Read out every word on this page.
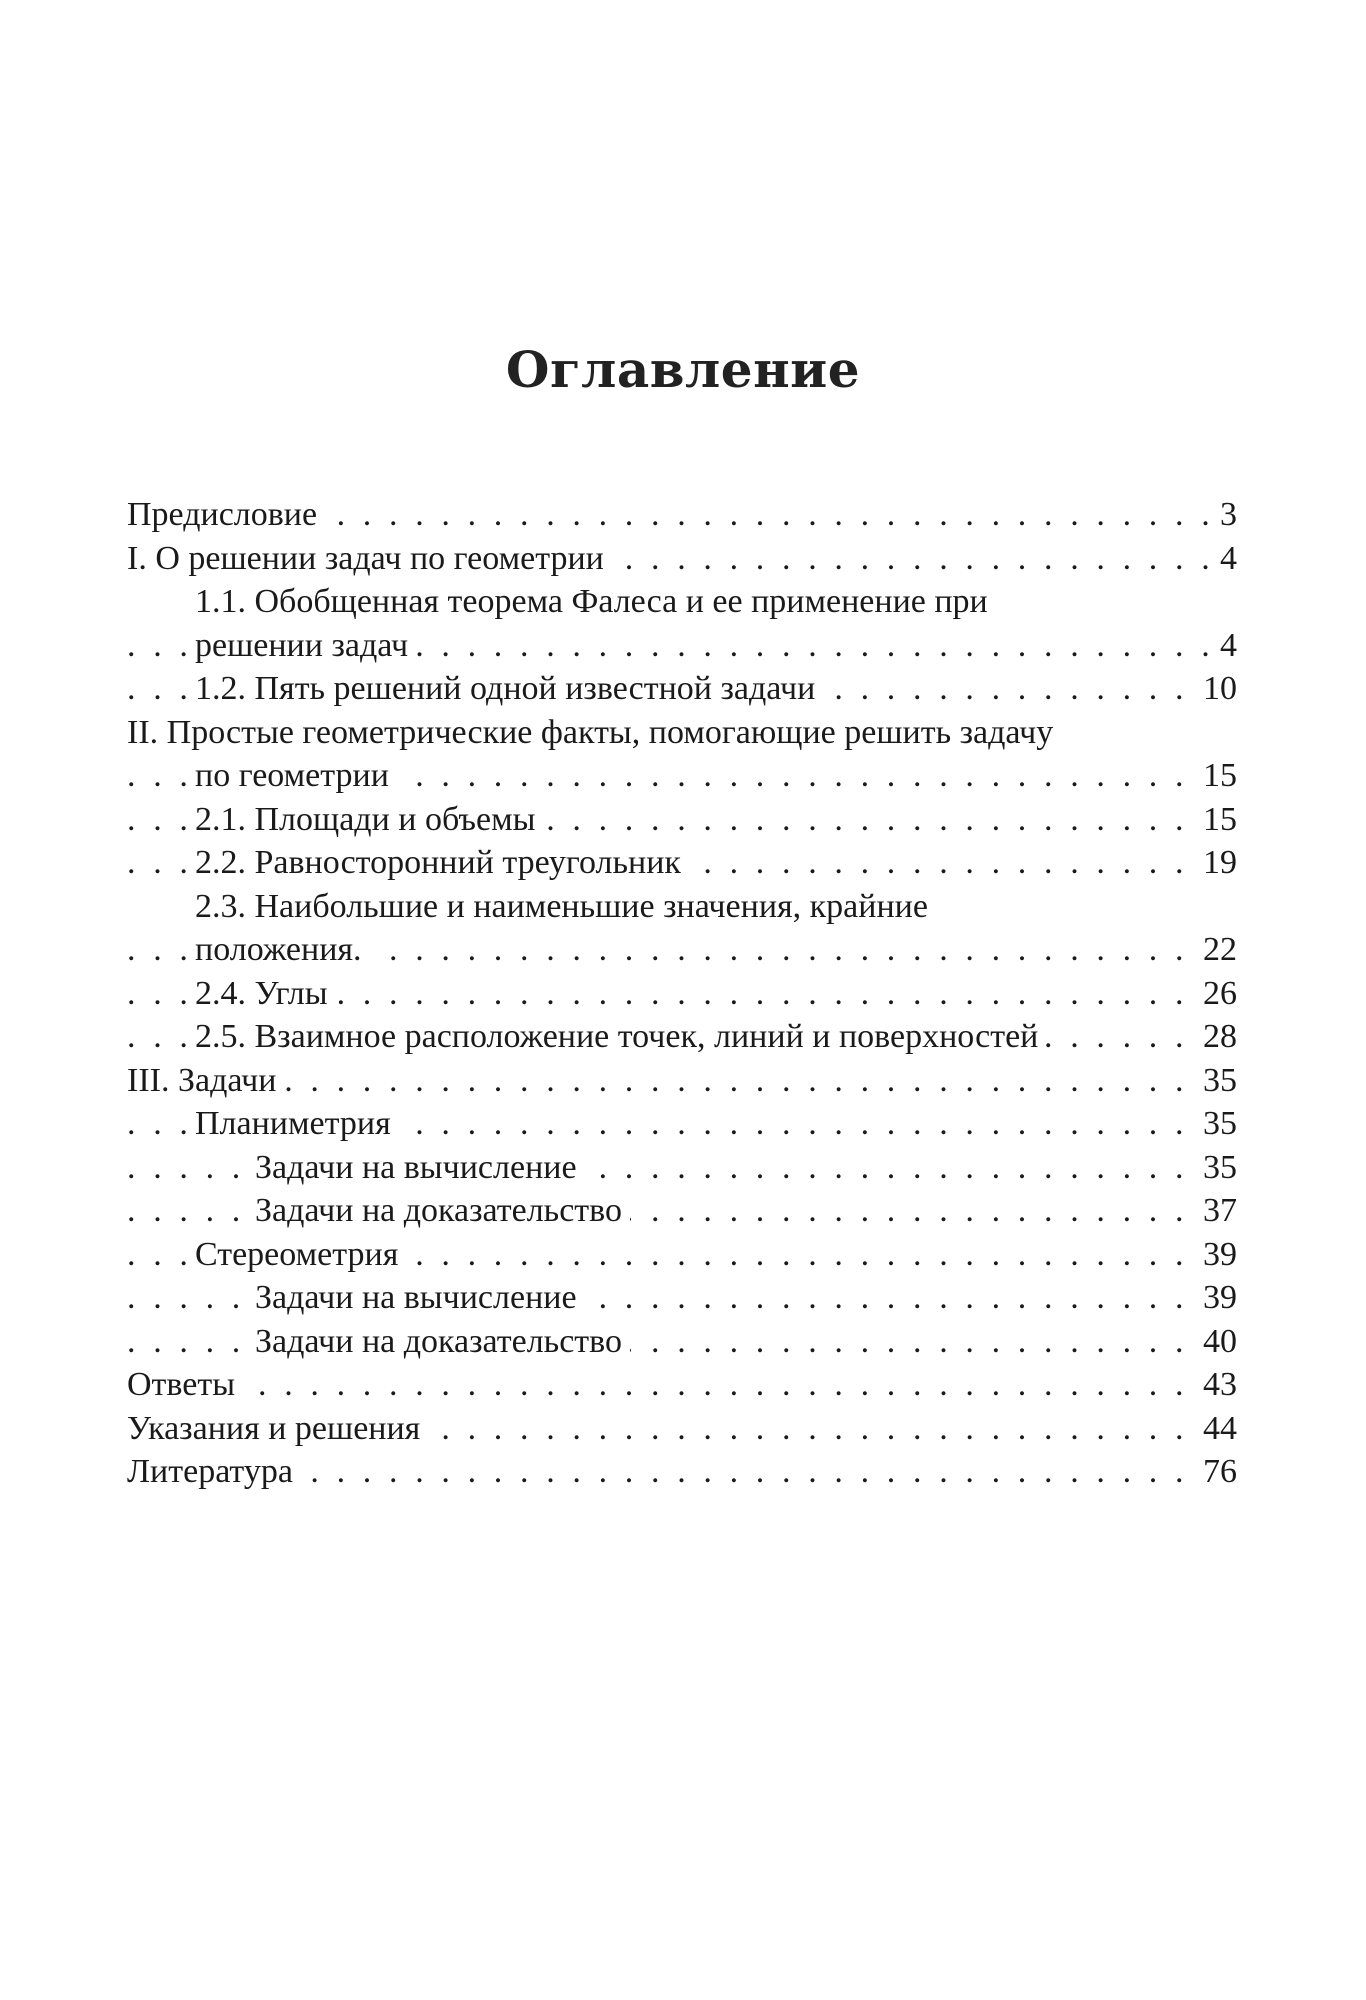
Оглавление
Предисловие	3
. . .
I. О решении задач по геометрии	4
. . .
1.1. Обобщенная теорема Фалеса и ее применение при
решении задач	4
. . .
1.2. Пять решений одной известной задачи	10
. . .
II. Простые геометрические факты, помогающие решить задачу
по геометрии	15
. . .
2.1. Площади и объемы	15
. . .
2.2. Равносторонний треугольник	19
. . .
2.3. Наибольшие и наименьшие значения, крайние
положения.	22
. . .
2.4. Углы	26
. . .
2.5. Взаимное расположение точек, линий и поверхностей	28
. . .
III. Задачи	35
. . .
Планиметрия	35
. . .
Задачи на вычисление	35
. . .
Задачи на доказательство	37
. . .
Стереометрия	39
. . .
Задачи на вычисление	39
. . .
Задачи на доказательство	40
. . .
Ответы	43
. . .
Указания и решения	44
. . .
Литература	76
. . .
